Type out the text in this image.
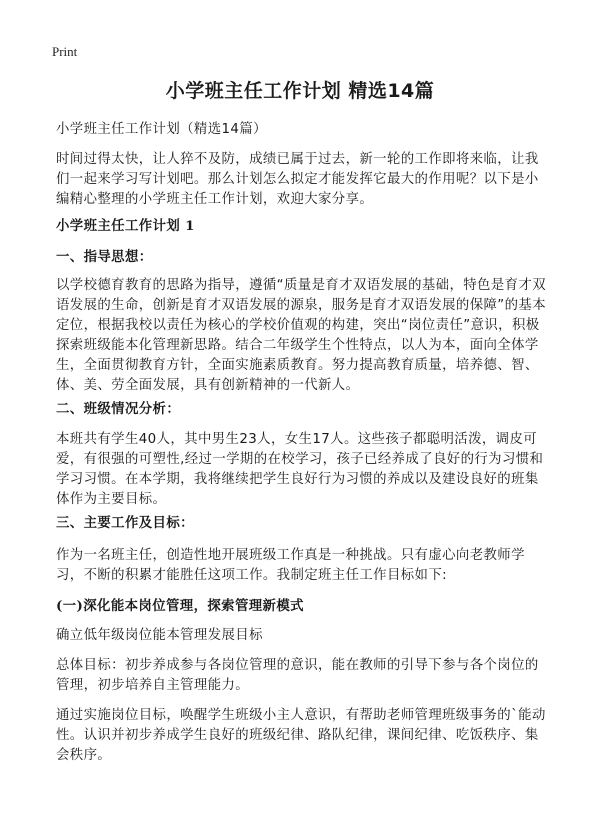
Print
小学班主任工作计划 精选14篇

小学班主任工作计划（精选14篇）

时间过得太快，让人猝不及防，成绩已属于过去，新一轮的工作即将来临，让我们一起来学习写计划吧。那么计划怎么拟定才能发挥它最大的作用呢？以下是小编精心整理的小学班主任工作计划，欢迎大家分享。

小学班主任工作计划 1
一、指导思想：

以学校德育教育的思路为指导，遵循“质量是育才双语发展的基础，特色是育才双语发展的生命，创新是育才双语发展的源泉，服务是育才双语发展的保障”的基本定位，根据我校以责任为核心的学校价值观的构建，突出“岗位责任”意识，积极探索班级能本化管理新思路。结合二年级学生个性特点，以人为本，面向全体学生，全面贯彻教育方针，全面实施素质教育。努力提高教育质量，培养德、智、体、美、劳全面发展，具有创新精神的一代新人。

二、班级情况分析：

本班共有学生40人，其中男生23人，女生17人。这些孩子都聪明活泼，调皮可爱，有很强的可塑性,经过一学期的在校学习，孩子已经养成了良好的行为习惯和学习习惯。在本学期，我将继续把学生良好行为习惯的养成以及建设良好的班集体作为主要目标。

三、主要工作及目标：

作为一名班主任，创造性地开展班级工作真是一种挑战。只有虚心向老教师学习，不断的积累才能胜任这项工作。我制定班主任工作目标如下:

(一)深化能本岗位管理，探索管理新模式

确立低年级岗位能本管理发展目标

总体目标：初步养成参与各岗位管理的意识，能在教师的引导下参与各个岗位的管理，初步培养自主管理能力。

通过实施岗位目标，唤醒学生班级小主人意识，有帮助老师管理班级事务的`能动性。认识并初步养成学生良好的班级纪律、路队纪律，课间纪律、吃饭秩序、集会秩序。
